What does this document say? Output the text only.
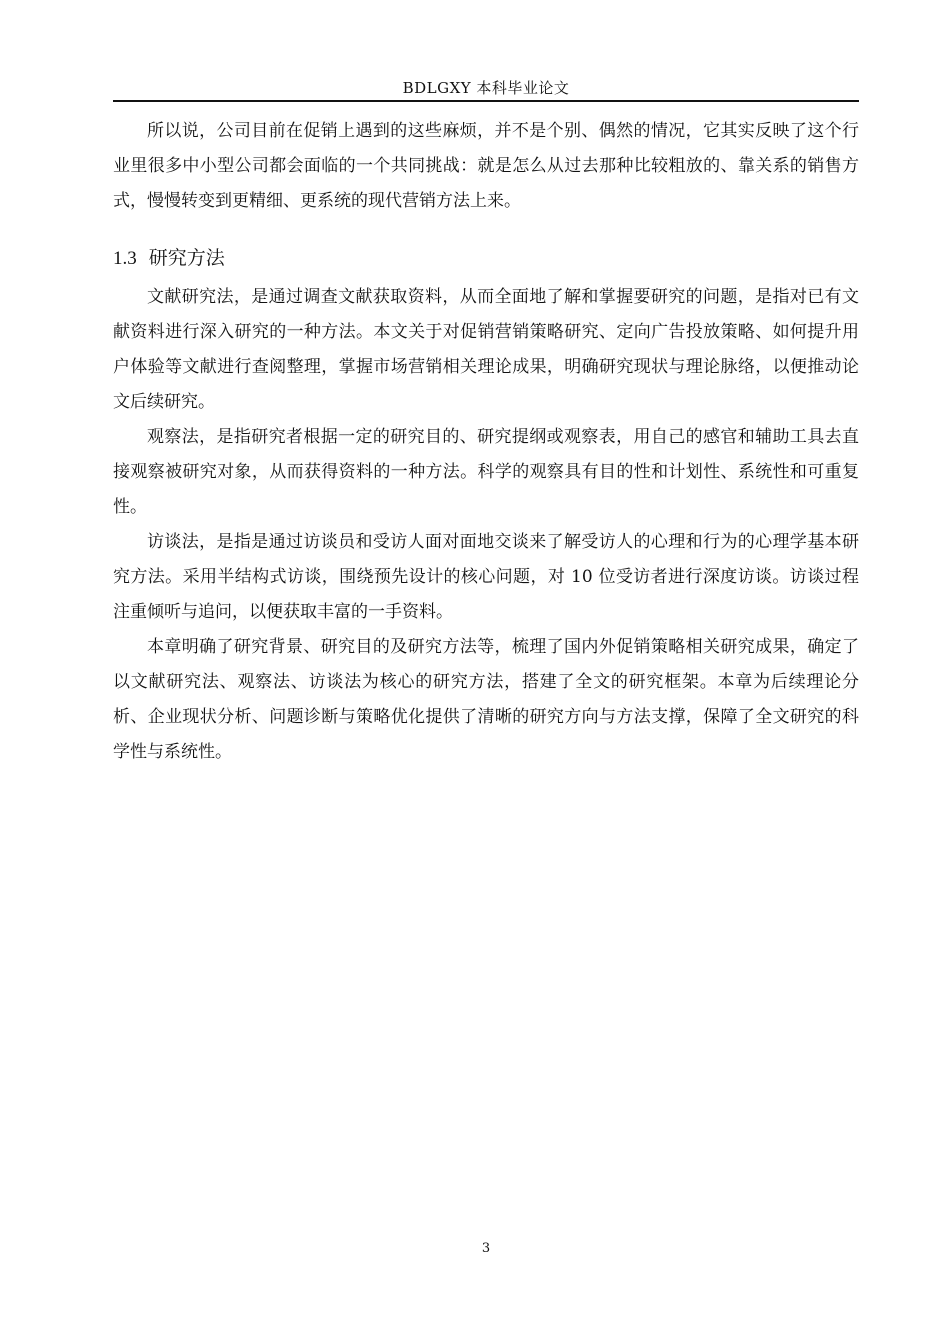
BDLGXY 本科毕业论文

所以说，公司目前在促销上遇到的这些麻烦，并不是个别、偶然的情况，它其实反映了这个行业里很多中小型公司都会面临的一个共同挑战：就是怎么从过去那种比较粗放的、靠关系的销售方式，慢慢转变到更精细、更系统的现代营销方法上来。

1.3 研究方法

文献研究法，是通过调查文献获取资料，从而全面地了解和掌握要研究的问题，是指对已有文献资料进行深入研究的一种方法。本文关于对促销营销策略研究、定向广告投放策略、如何提升用户体验等文献进行查阅整理，掌握市场营销相关理论成果，明确研究现状与理论脉络，以便推动论文后续研究。

观察法，是指研究者根据一定的研究目的、研究提纲或观察表，用自己的感官和辅助工具去直接观察被研究对象，从而获得资料的一种方法。科学的观察具有目的性和计划性、系统性和可重复性。

访谈法，是指是通过访谈员和受访人面对面地交谈来了解受访人的心理和行为的心理学基本研究方法。采用半结构式访谈，围绕预先设计的核心问题，对 10 位受访者进行深度访谈。访谈过程注重倾听与追问，以便获取丰富的一手资料。

本章明确了研究背景、研究目的及研究方法等，梳理了国内外促销策略相关研究成果，确定了以文献研究法、观察法、访谈法为核心的研究方法，搭建了全文的研究框架。本章为后续理论分析、企业现状分析、问题诊断与策略优化提供了清晰的研究方向与方法支撑，保障了全文研究的科学性与系统性。

3
